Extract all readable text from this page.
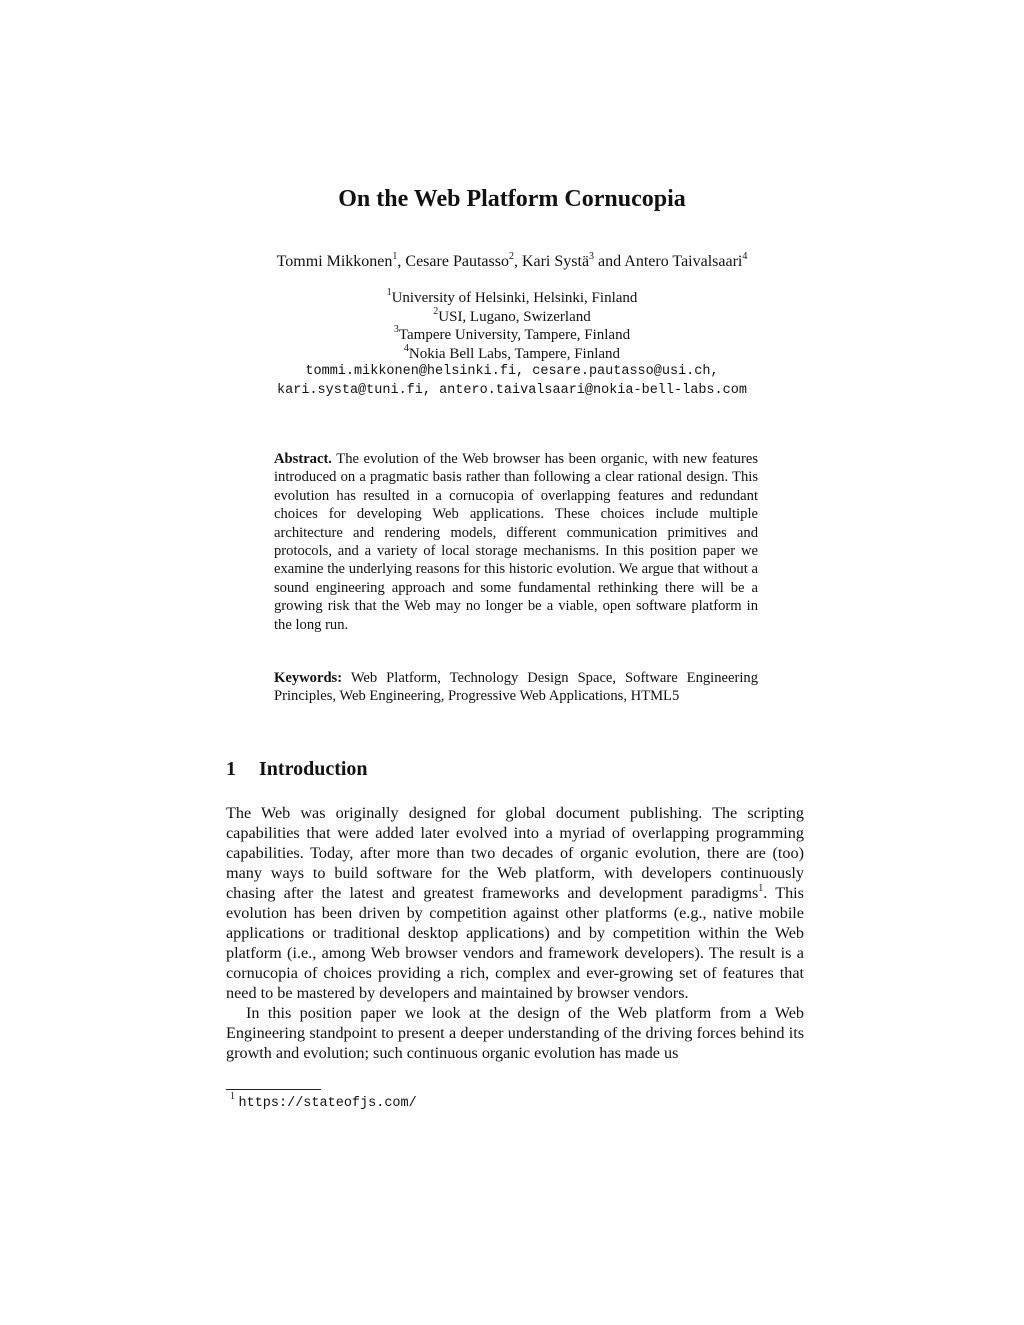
On the Web Platform Cornucopia
Tommi Mikkonen$^1$, Cesare Pautasso$^2$, Kari Systä$^3$ and Antero Taivalsaari$^4$
$^1$University of Helsinki, Helsinki, Finland
$^2$USI, Lugano, Swizerland
$^3$Tampere University, Tampere, Finland
$^4$Nokia Bell Labs, Tampere, Finland
tommi.mikkonen@helsinki.fi, cesare.pautasso@usi.ch,
kari.systa@tuni.fi, antero.taivalsaari@nokia-bell-labs.com
Abstract. The evolution of the Web browser has been organic, with new features introduced on a pragmatic basis rather than following a clear rational design. This evolution has resulted in a cornucopia of overlapping features and redundant choices for developing Web applications. These choices include multiple architecture and rendering models, different communication primitives and protocols, and a variety of local storage mechanisms. In this position paper we examine the underlying reasons for this historic evolution. We argue that without a sound engineering approach and some fundamental rethinking there will be a growing risk that the Web may no longer be a viable, open software platform in the long run.
Keywords: Web Platform, Technology Design Space, Software Engineering Principles, Web Engineering, Progressive Web Applications, HTML5
1 Introduction

The Web was originally designed for global document publishing. The scripting capabilities that were added later evolved into a myriad of overlapping programming capabilities. Today, after more than two decades of organic evolution, there are (too) many ways to build software for the Web platform, with developers continuously chasing after the latest and greatest frameworks and development paradigms$^1$. This evolution has been driven by competition against other platforms (e.g., native mobile applications or traditional desktop applications) and by competition within the Web platform (i.e., among Web browser vendors and framework developers). The result is a cornucopia of choices providing a rich, complex and ever-growing set of features that need to be mastered by developers and maintained by browser vendors.

In this position paper we look at the design of the Web platform from a Web Engineering standpoint to present a deeper understanding of the driving forces behind its growth and evolution; such continuous organic evolution has made us

$^1$ https://stateofjs.com/
